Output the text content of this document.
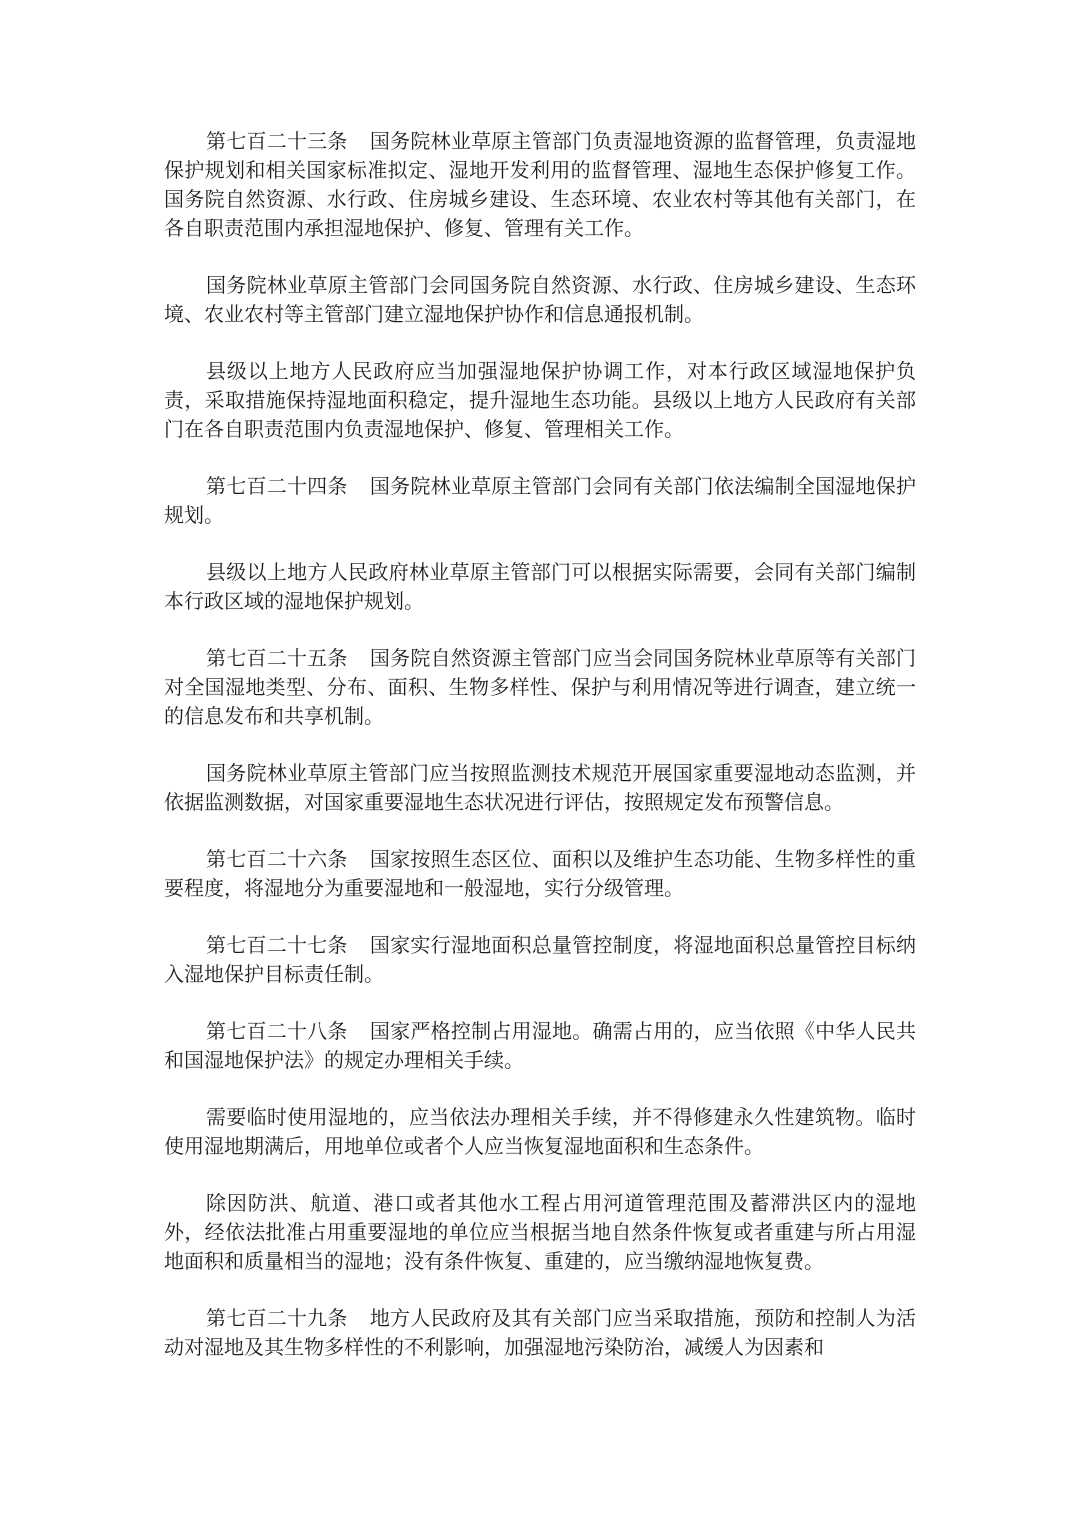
第七百二十三条 国务院林业草原主管部门负责湿地资源的监督管理，负责湿地保护规划和相关国家标准拟定、湿地开发利用的监督管理、湿地生态保护修复工作。国务院自然资源、水行政、住房城乡建设、生态环境、农业农村等其他有关部门，在各自职责范围内承担湿地保护、修复、管理有关工作。

国务院林业草原主管部门会同国务院自然资源、水行政、住房城乡建设、生态环境、农业农村等主管部门建立湿地保护协作和信息通报机制。

县级以上地方人民政府应当加强湿地保护协调工作，对本行政区域湿地保护负责，采取措施保持湿地面积稳定，提升湿地生态功能。县级以上地方人民政府有关部门在各自职责范围内负责湿地保护、修复、管理相关工作。

第七百二十四条 国务院林业草原主管部门会同有关部门依法编制全国湿地保护规划。

县级以上地方人民政府林业草原主管部门可以根据实际需要，会同有关部门编制本行政区域的湿地保护规划。

第七百二十五条 国务院自然资源主管部门应当会同国务院林业草原等有关部门对全国湿地类型、分布、面积、生物多样性、保护与利用情况等进行调查，建立统一的信息发布和共享机制。

国务院林业草原主管部门应当按照监测技术规范开展国家重要湿地动态监测，并依据监测数据，对国家重要湿地生态状况进行评估，按照规定发布预警信息。

第七百二十六条 国家按照生态区位、面积以及维护生态功能、生物多样性的重要程度，将湿地分为重要湿地和一般湿地，实行分级管理。

第七百二十七条 国家实行湿地面积总量管控制度，将湿地面积总量管控目标纳入湿地保护目标责任制。

第七百二十八条 国家严格控制占用湿地。确需占用的，应当依照《中华人民共和国湿地保护法》的规定办理相关手续。

需要临时使用湿地的，应当依法办理相关手续，并不得修建永久性建筑物。临时使用湿地期满后，用地单位或者个人应当恢复湿地面积和生态条件。

除因防洪、航道、港口或者其他水工程占用河道管理范围及蓄滞洪区内的湿地外，经依法批准占用重要湿地的单位应当根据当地自然条件恢复或者重建与所占用湿地面积和质量相当的湿地；没有条件恢复、重建的，应当缴纳湿地恢复费。

第七百二十九条 地方人民政府及其有关部门应当采取措施，预防和控制人为活动对湿地及其生物多样性的不利影响，加强湿地污染防治，减缓人为因素和
